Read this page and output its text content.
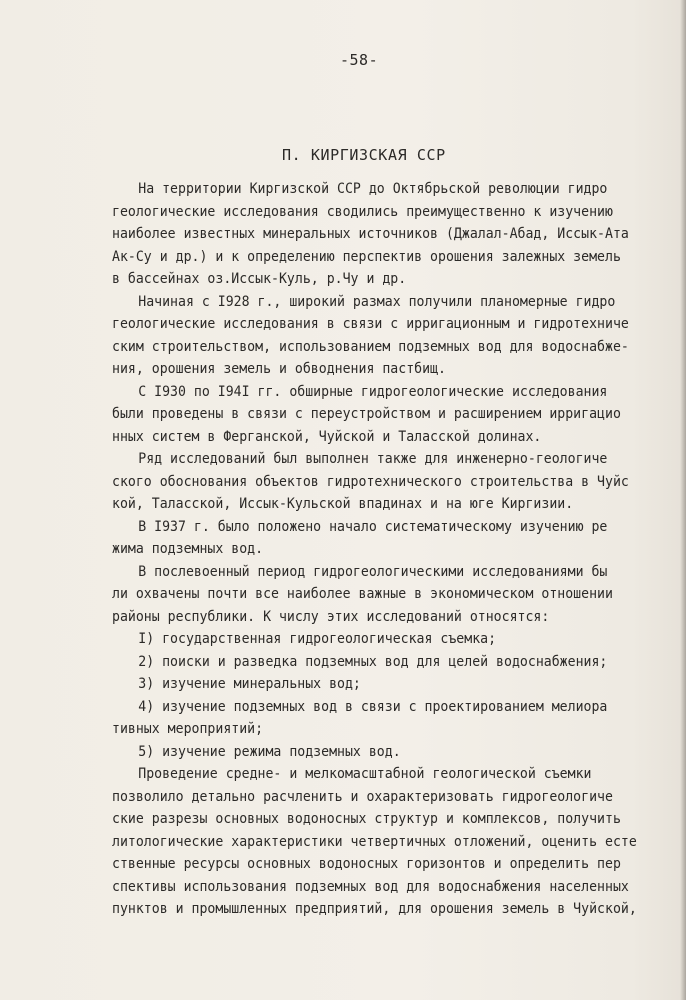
-58-

П. КИРГИЗСКАЯ ССР
На территории Киргизской ССР до Октябрьской революции гидро
геологические исследования сводились преимущественно к изучению
наиболее известных минеральных источников (Джалал-Абад, Иссык-Ата
Ак-Су и др.) и к определению перспектив орошения залежных земель
в бассейнах оз.Иссык-Куль, р.Чу и др.
Начиная с I928 г., широкий размах получили планомерные гидро
геологические исследования в связи с ирригационным и гидротехниче
ским строительством, использованием подземных вод для водоснабже-
ния, орошения земель и обводнения пастбищ.
С I930 по I94I гг. обширные гидрогеологические исследования
были проведены в связи с переустройством и расширением ирригацио
нных систем в Ферганской, Чуйской и Таласской долинах.
Ряд исследований был выполнен также для инженерно-геологиче
ского обоснования объектов гидротехнического строительства в Чуйс
кой, Таласской, Иссык-Кульской впадинах и на юге Киргизии.
В I937 г. было положено начало систематическому изучению ре
жима подземных вод.
В послевоенный период гидрогеологическими исследованиями бы
ли охвачены почти все наиболее важные в экономическом отношении
районы республики. К числу этих исследований относятся:
I) государственная гидрогеологическая съемка;
2) поиски и разведка подземных вод для целей водоснабжения;
3) изучение минеральных вод;
4) изучение подземных вод в связи с проектированием мелиора
тивных мероприятий;
5) изучение режима подземных вод.
Проведение средне- и мелкомасштабной геологической съемки
позволило детально расчленить и охарактеризовать гидрогеологиче
ские разрезы основных водоносных структур и комплексов, получить
литологические характеристики четвертичных отложений, оценить есте
ственные ресурсы основных водоносных горизонтов и определить пер
спективы использования подземных вод для водоснабжения населенных
пунктов и промышленных предприятий, для орошения земель в Чуйской,
